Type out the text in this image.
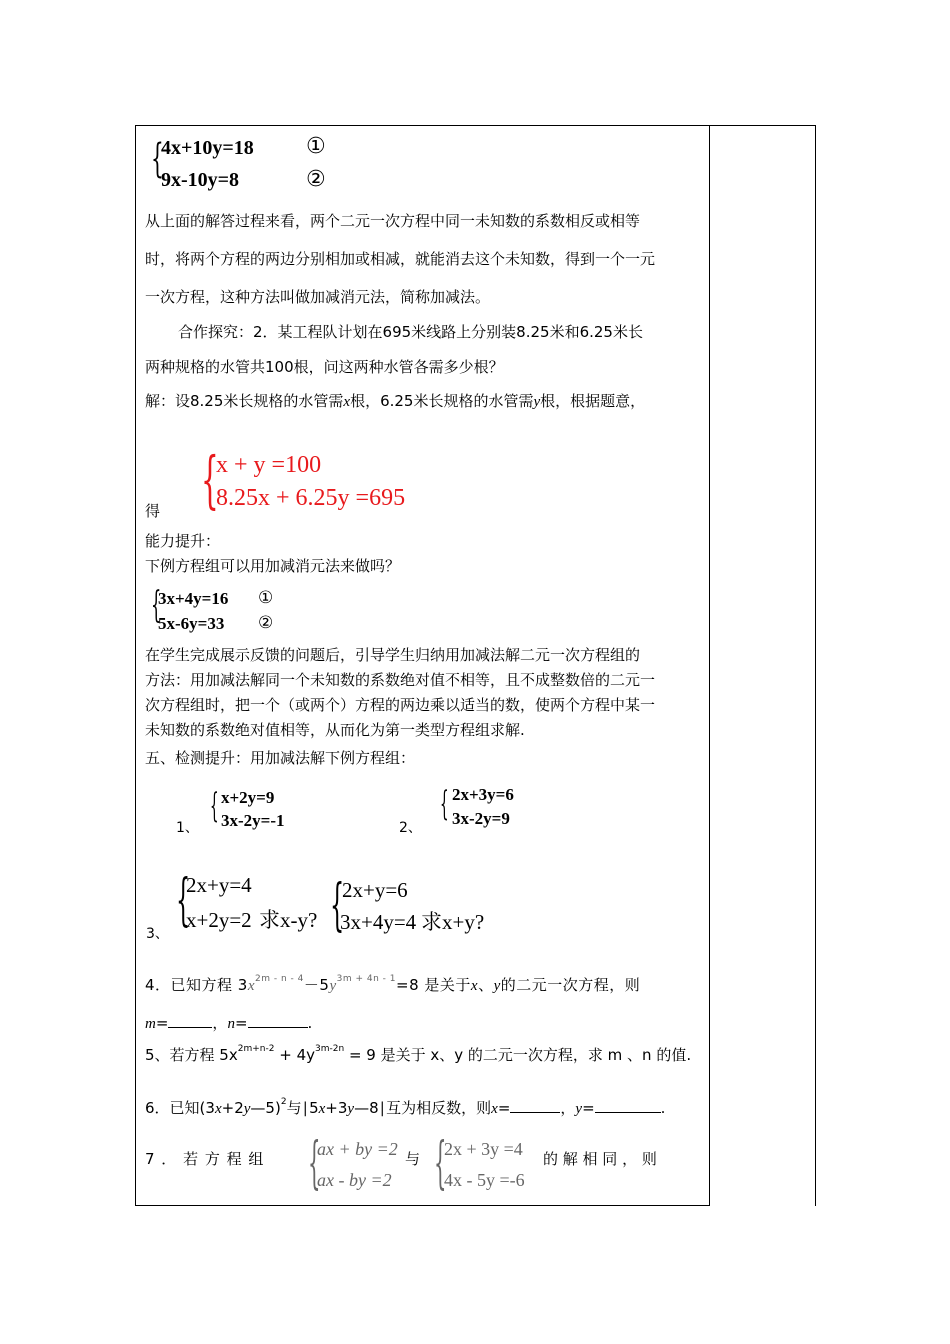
{
4x+10y=18 ①
9x-10y=8	②
从上面的解答过程来看，两个二元一次方程中同一未知数的系数相反或相等
时，将两个方程的两边分别相加或相减，就能消去这个未知数，得到一个一元
一次方程，这种方法叫做加减消元法，简称加减法。
合作探究：2．某工程队计划在695米线路上分别装8.25米和6.25米长
两种规格的水管共100根，问这两种水管各需多少根？
解：设8.25米长规格的水管需x根，6.25米长规格的水管需y根，根据题意，
{
x + y =100
8.25x + 6.25y =695
得
能力提升：
下例方程组可以用加减消元法来做吗？
{
3x+4y=16 ①
5x-6y=33 ②
在学生完成展示反馈的问题后，引导学生归纳用加减法解二元一次方程组的
方法：用加减法解同一个未知数的系数绝对值不相等，且不成整数倍的二元一
次方程组时，把一个（或两个）方程的两边乘以适当的数，使两个方程中某一
未知数的系数绝对值相等，从而化为第一类型方程组求解.
五、检测提升：用加减法解下例方程组：
1、
{ x+2y=9
3x-2y=-1	2、
{ 2x+3y=6
3x-2y=9
3、
{
2x+y=4
x+2y=2 求x-y? {
2x+y=6
3x+4y=4 求x+y?
4．已知方程 $3x^{2m - n - 4}-5y^{3m + 4n - 1}=8$ 是关于x、y的二元一次方程，则
m=	，n=	.
5、若方程 $5x^{2m+n-2} + 4y^{3m-2n} = 9$ 是关于 x、y 的二元一次方程，求 m 、n 的值.
6．已知(3x+2y—5)$^2$与∣5x+3y—8∣互为相反数，则x=	，y=	.
7 ． 若 方 程 组 {
ax + by =2
ax - by =2
与 {
2x + 3y =4
4x - 5y =-6
的 解 相 同 ， 则
